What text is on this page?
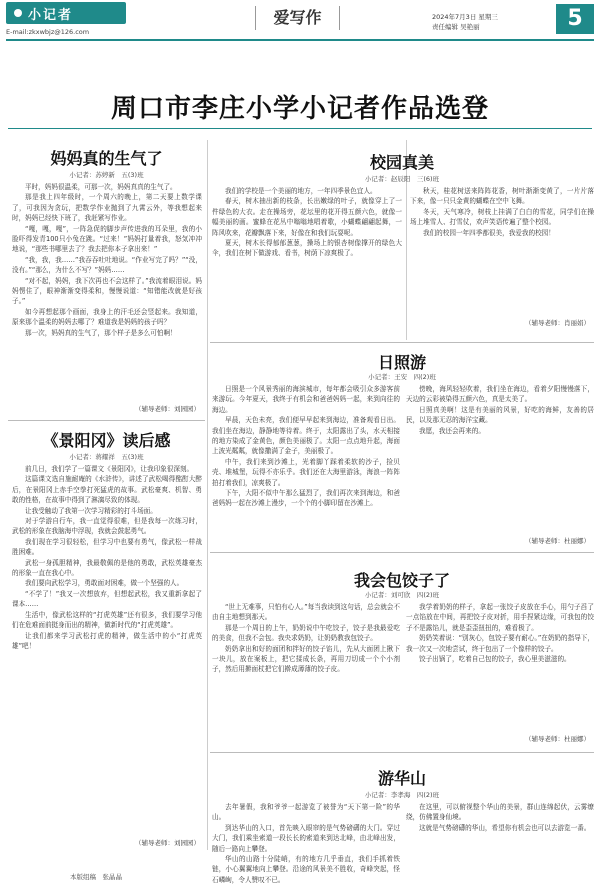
小记者
E-mail:zkxwbjz@126.com
爱写作	2024年7月3日 星期三
责任编辑 吴艳丽	5
周口市李庄小学小记者作品选登
妈妈真的生气了
小记者：苏婷新　五(3)班

平时，妈妈很温柔，可那一次，妈妈真真的生气了。

那是我上四年级时，一个周六的晚上，第二天要上数学课了，可我因为贪玩，把数学作业抛到了九霄云外，等我想起来时，妈妈已经快下班了，我赶紧写作业。

“嘎，嘎，嘎”，一阵急促的脚步声传进我的耳朵里，我的小脸吓得发青100只小兔在跳。“过来！”妈妈打量着我，怒気冲冲地说，“那些书哪里去了？我去把你本子拿出来！”

“我，我，我……”我吞吞吐吐地说。“作业写完了吗？”“没，没有。”“那么，为什么不写？”妈妈……

“对不起，妈妈，我下次再也不会这样了。”我流着眼泪说。妈妈愣住了，眼神渐渐变得柔和，慢慢说道：“知错能改就是好孩子。”

如今再想起那个画面，我身上的汗毛还会竖起来。我知道，原来那个温柔的妈妈去哪了？难道我是妈妈的孩子吗？

那一次，妈妈真的生气了，那个样子是多么可怕啊！

（辅导老师：刘园园）
《景阳冈》读后感
小记者：蒋耀祥　五(3)班

前几日，我们学了一篇课文《景阳冈》，让我印象很深刻。

这篇课文选自施耐庵的《水浒传》，讲述了武松喝得酩酊大醉后，在景阳冈上赤手空拳打死猛虎的故事。武松豪爽、机智、勇敢的性格，在故事中得到了淋漓尽致的体现。

让我受触动了我第一次学习精彩的打斗场面。

对于学游自行车，我一直觉得很难，但是我每一次练习时，武松的形象在我脑海中浮现，我就会鼓起勇气。

我们现在学习很轻松，但学习中也要有勇气，像武松一样战胜困难。

武松一身孤胆精神，我最敬佩的是他的勇敢，武松英雄豪杰的形象一直在我心中。

我们要向武松学习，勇敢面对困难，做一个坚强的人。

“不学了！”我又一次想放弃，但想起武松，我又重新拿起了课本……

生活中，像武松这样的“打虎英雄”还有很多，我们要学习他们在危难面前挺身而出的精神，做新时代的“打虎英雄”。

让我们都来学习武松打虎的精神，做生活中的小“打虎英雄”吧！

（辅导老师：刘园园）
校园真美
小记者：赵辰阳　三(6)班

我们的学校是一个美丽的地方，一年四季景色宜人。

春天，树木抽出新的枝条，长出嫩绿的叶子，就像穿上了一件绿色的大衣。走在操场旁，花坛里的花开得五颜六色，就像一幅美丽的画。蜜蜂在花丛中嗡嗡地唱着歌，小蝴蝶翩翩起舞，一阵风吹来，花瓣飘落下来，好像在和我们玩耍呢。

夏天，树木长得郁郁葱葱，操场上的银杏树像撑开的绿色大伞，我们在树下做游戏、看书，树荫下凉爽极了。

秋天，桂花树送来阵阵花香，树叶渐渐变黄了，一片片落下来，像一只只金黄的蝴蝶在空中飞舞。

冬天，天气寒冷，树枝上挂满了白白的雪花，同学们在操场上堆雪人、打雪仗，欢声笑语传遍了整个校园。

我们的校园一年四季都很美，我爱我的校园！

（辅导老师：肖丽娟）
日照游
小记者：王安　四(2)班

日照是一个风景秀丽的海滨城市，每年都会吸引众多游客前来游玩。今年夏天，我终于有机会和爸爸妈妈一起，来到向往的海边。

早晨，天色未亮，我们便早早起来到海边，准备观看日出。我们坐在海边，静静地等待着。终于，太阳露出了头，水天相接的地方染成了金黄色，颜色美丽极了。太阳一点点地升起，海面上波光粼粼，就像撒满了金子，美丽极了。

中午，我们来到沙滩上，光着脚丫踩着柔软的沙子，捡贝壳、堆城堡，玩得不亦乐乎。我们还在大海里游泳，海浪一阵阵拍打着我们，凉爽极了。

下午，大阳不似中午那么猛烈了，我们再次来到海边，和爸爸妈妈一起在沙滩上漫步，一个个的小脚印留在沙滩上。

傍晚，海风轻轻吹着，我们坐在海边，看着夕阳慢慢落下，天边的云彩被染得五颜六色，真是太美了。

日照真美啊！这是有美丽的风景，好吃的海鲜，友善的居民，以及那无忍的海洋宝藏。

我愿，我还会再来的。

（辅导老师：杜丽娜）
我会包饺子了
小记者：刘可欣　四(2)班

“世上无难事，只怕有心人。”每当我读到这句话，总会就会不由自主地想到那天。

那是一个周日的上午，奶奶说中午吃饺子，饺子是我最爱吃的美食，但我不会包。我央求奶奶，让奶奶教我包饺子。

奶奶拿出和好的面团和拌好的饺子馅儿，先从大面团上揪下一块儿，放在案板上，把它揉成长条，再用刀切成一个个小剂子，然后用擀面杖把它们擀成薄薄的饺子皮。

我学着奶奶的样子，拿起一张饺子皮放在手心，用勺子舀了一点馅放在中间，再把饺子皮对折，用手捏紧边缘，可我包的饺子不是露馅儿，就是歪歪扭扭的，难看极了。

奶奶笑着说：“别灰心，包饺子要有耐心。”在奶奶的指导下，我一次又一次地尝试，终于包出了一个像样的饺子。

饺子出锅了，吃着自己包的饺子，我心里美滋滋的。

（辅导老师：杜丽娜）
游华山
小记者：李孝海　四(2)班

去年暑假，我和爷爷一起游览了被誉为“天下第一险”的华山。

到达华山的入口，首先映入眼帘的是气势磅礴的大门。穿过大门，我们乘坐索道一段长长的索道来到达北峰，由北峰出发，随后一路向上攀登。

华山的山路十分陡峭，有的地方几乎垂直，我们手抓着铁链，小心翼翼地向上攀登。沿途的风景美不胜收，奇峰突起，怪石嶙峋，令人赞叹不已。

在这里，可以俯视整个华山的美景，群山连绵起伏，云雾缭绕，仿佛置身仙境。

这就是气势磅礴的华山，希望你有机会也可以去游览一番。

本版组稿　张晶晶
